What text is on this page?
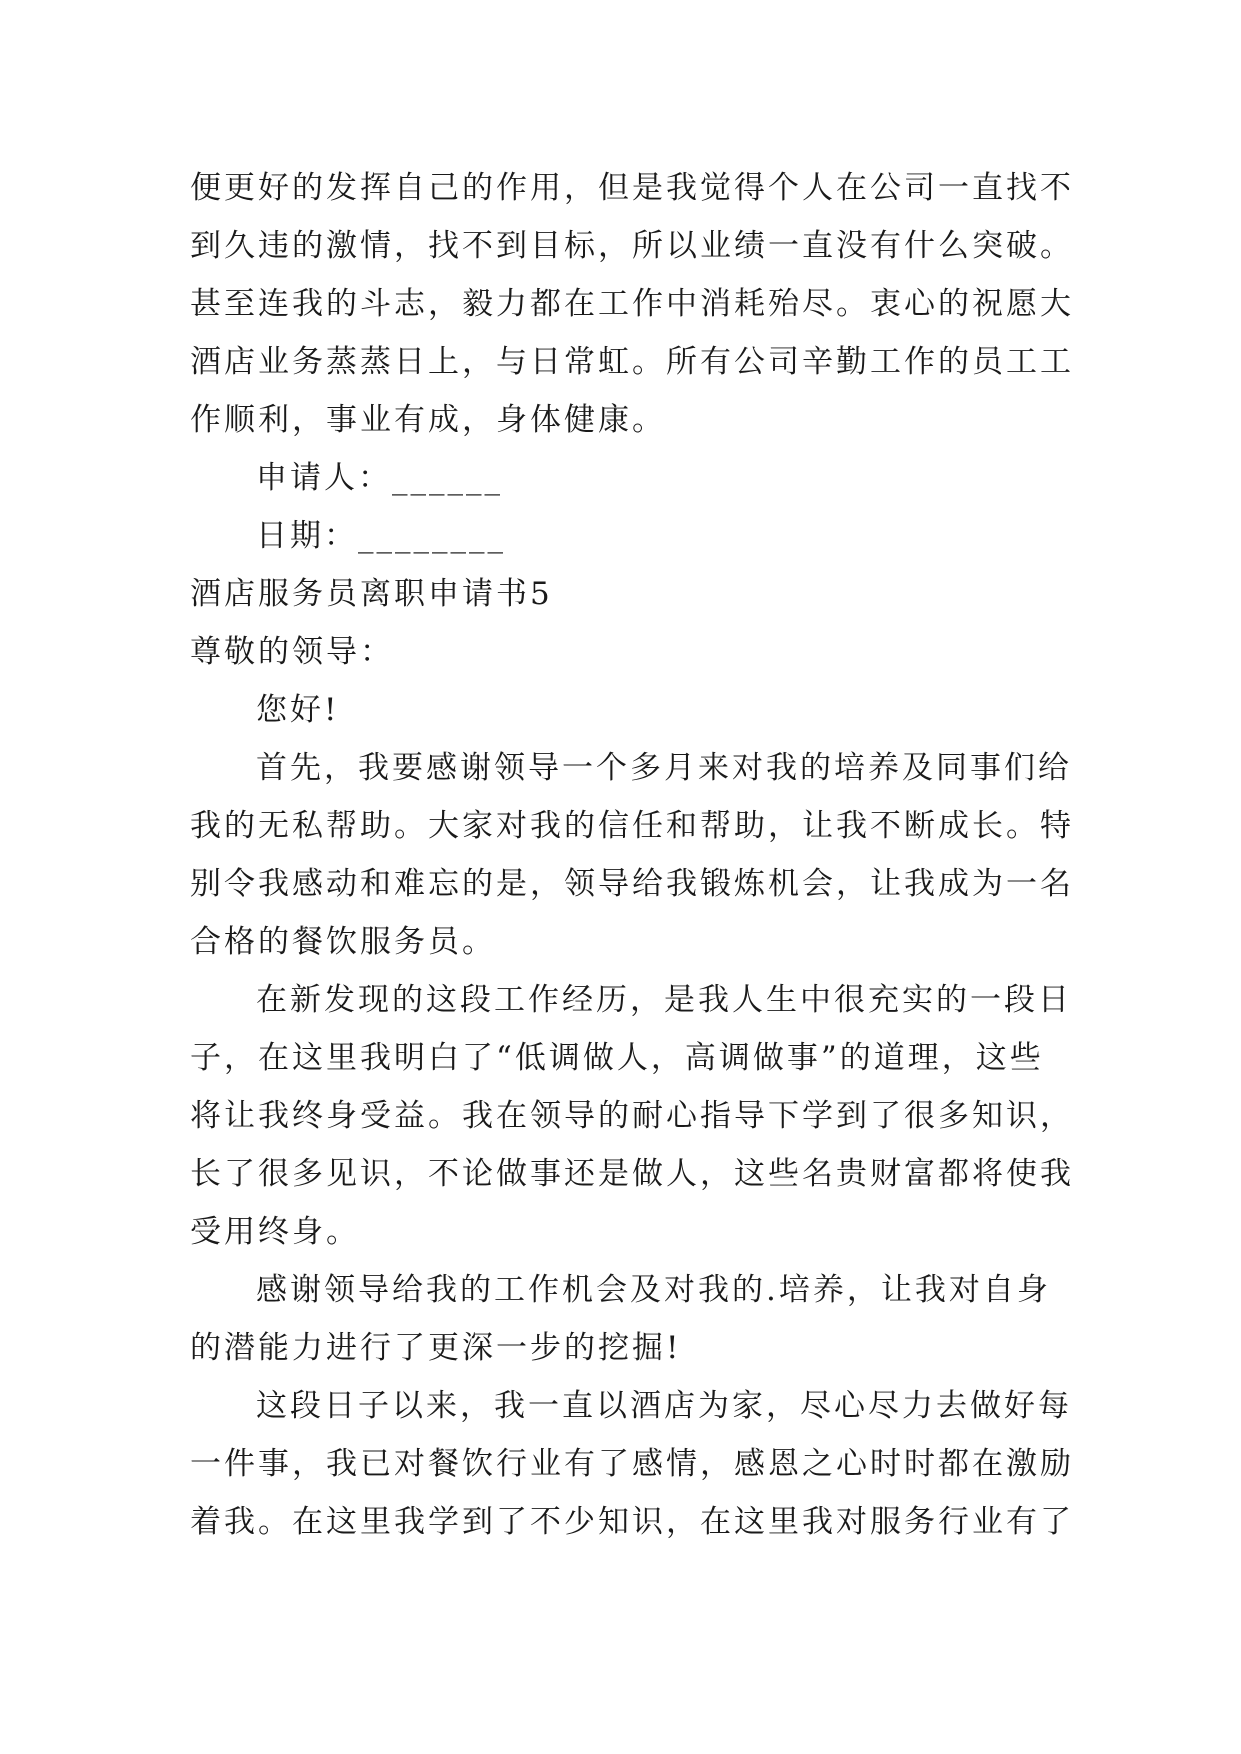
便更好的发挥自己的作用，但是我觉得个人在公司一直找不
到久违的激情，找不到目标，所以业绩一直没有什么突破。
甚至连我的斗志，毅力都在工作中消耗殆尽。衷心的祝愿大
酒店业务蒸蒸日上，与日常虹。所有公司辛勤工作的员工工
作顺利，事业有成，身体健康。
申请人：______
日期：________
酒店服务员离职申请书5
尊敬的领导：
您好!
首先，我要感谢领导一个多月来对我的培养及同事们给
我的无私帮助。大家对我的信任和帮助，让我不断成长。特
别令我感动和难忘的是，领导给我锻炼机会，让我成为一名
合格的餐饮服务员。
在新发现的这段工作经历，是我人生中很充实的一段日
子，在这里我明白了“低调做人，高调做事”的道理，这些
将让我终身受益。我在领导的耐心指导下学到了很多知识，
长了很多见识，不论做事还是做人，这些名贵财富都将使我
受用终身。
感谢领导给我的工作机会及对我的.培养，让我对自身
的潜能力进行了更深一步的挖掘!
这段日子以来，我一直以酒店为家，尽心尽力去做好每
一件事，我已对餐饮行业有了感情，感恩之心时时都在激励
着我。在这里我学到了不少知识，在这里我对服务行业有了
